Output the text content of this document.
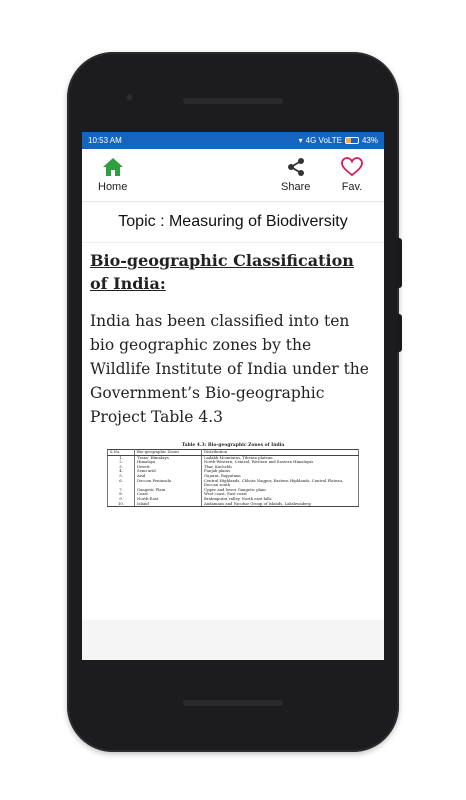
10:53 AM	▾ 4G VoLTE	43%
Home	Share	Fav.
Topic : Measuring of Biodiversity

Bio-geographic Classification of India:

India has been classified into ten bio geographic zones by the Wildlife Institute of India under the Government’s Bio-geographic Project Table 4.3

Table 4.3: Bio-geographic Zones of India
S.No.	Bio-geographic Zones	Distribution
1.	Trans- Himalaya	Ladakh Mountains, Tibetan plateau.
2.	Himalaya	North-Western, Central, Western and Eastern Himalayas
3.	Desert	Thar, Kachchh
4.	Semi-arid	Punjab plains
5.	Arid	Gujarat, Rajputana
6.	Deccan Peninsula	Central Highlands, Chhota Nagpur, Eastern Highlands, Central Plateau, Deccan south
7.	Gangetic Plain	Upper and lower Gangetic plain
8.	Coast	West coast, East coast
9.	North-East	Brahmputra valley, North east hills
10.	Island	Andamans and Nicobar Group of Islands, Lakshwadeep
